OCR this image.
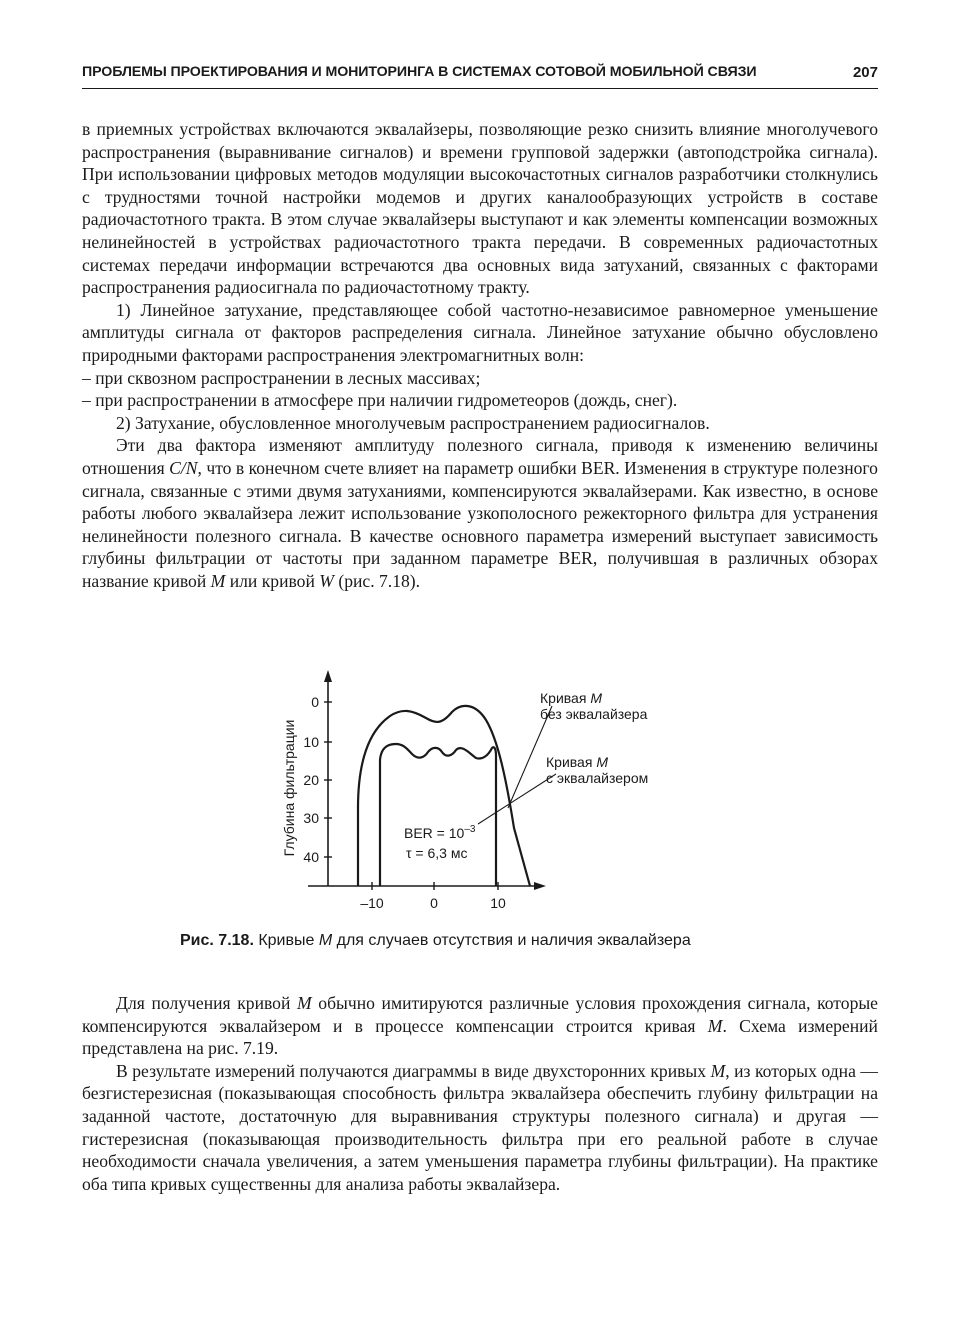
ПРОБЛЕМЫ ПРОЕКТИРОВАНИЯ И МОНИТОРИНГА В СИСТЕМАХ СОТОВОЙ МОБИЛЬНОЙ СВЯЗИ	207

в приемных устройствах включаются эквалайзеры, позволяющие резко снизить влияние многолучевого распространения (выравнивание сигналов) и времени групповой задержки (автоподстройка сигнала). При использовании цифровых методов модуляции высокочастотных сигналов разработчики столкнулись с трудностями точной настройки модемов и других каналообразующих устройств в составе радиочастотного тракта. В этом случае эквалайзеры выступают и как элементы компенсации возможных нелинейностей в устройствах радиочастотного тракта передачи. В современных радиочастотных системах передачи информации встречаются два основных вида затуханий, связанных с факторами распространения радиосигнала по радиочастотному тракту.

1) Линейное затухание, представляющее собой частотно-независимое равномерное уменьшение амплитуды сигнала от факторов распределения сигнала. Линейное затухание обычно обусловлено природными факторами распространения электромагнитных волн:

– при сквозном распространении в лесных массивах;

– при распространении в атмосфере при наличии гидрометеоров (дождь, снег).

2) Затухание, обусловленное многолучевым распространением радиосигналов.

Эти два фактора изменяют амплитуду полезного сигнала, приводя к изменению величины отношения C/N, что в конечном счете влияет на параметр ошибки BER. Изменения в структуре полезного сигнала, связанные с этими двумя затуханиями, компенсируются эквалайзерами. Как известно, в основе работы любого эквалайзера лежит использование узкополосного режекторного фильтра для устранения нелинейности полезного сигнала. В качестве основного параметра измерений выступает зависимость глубины фильтрации от частоты при заданном параметре BER, получившая в различных обзорах название кривой M или кривой W (рис. 7.18).

Глубина фильтрации
0
10
20
30
40
–10	0	10
Кривая M
без эквалайзера
Кривая M
с эквалайзером
BER = $10^{-3}$
τ = 6,3 мс
Рис. 7.18. Кривые M для случаев отсутствия и наличия эквалайзера

Для получения кривой M обычно имитируются различные условия прохождения сигнала, которые компенсируются эквалайзером и в процессе компенсации строится кривая M. Схема измерений представлена на рис. 7.19.

В результате измерений получаются диаграммы в виде двухсторонних кривых M, из которых одна — безгистерезисная (показывающая способность фильтра эквалайзера обеспечить глубину фильтрации на заданной частоте, достаточную для выравнивания структуры полезного сигнала) и другая — гистерезисная (показывающая производительность фильтра при его реальной работе в случае необходимости сначала увеличения, а затем уменьшения параметра глубины фильтрации). На практике оба типа кривых существенны для анализа работы эквалайзера.
